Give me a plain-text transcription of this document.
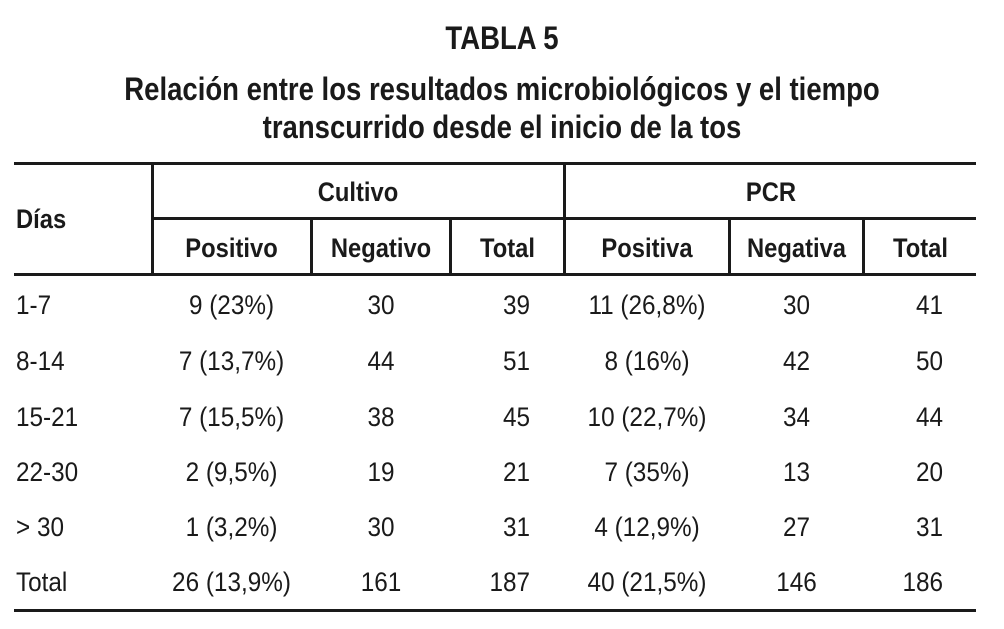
TABLA 5
Relación entre los resultados microbiológicos y el tiempo
transcurrido desde el inicio de la tos
Días
Cultivo	PCR
Positivo	Negativo	Total	Positiva	Negativa	Total
1-7	9 (23%)	30	39	11 (26,8%)	30	41
8-14	7 (13,7%)	44	51	8 (16%)	42	50
15-21	7 (15,5%)	38	45	10 (22,7%)	34	44
22-30	2 (9,5%)	19	21	7 (35%)	13	20
> 30	1 (3,2%)	30	31	4 (12,9%)	27	31
Total	26 (13,9%)	161	187	40 (21,5%)	146	186
